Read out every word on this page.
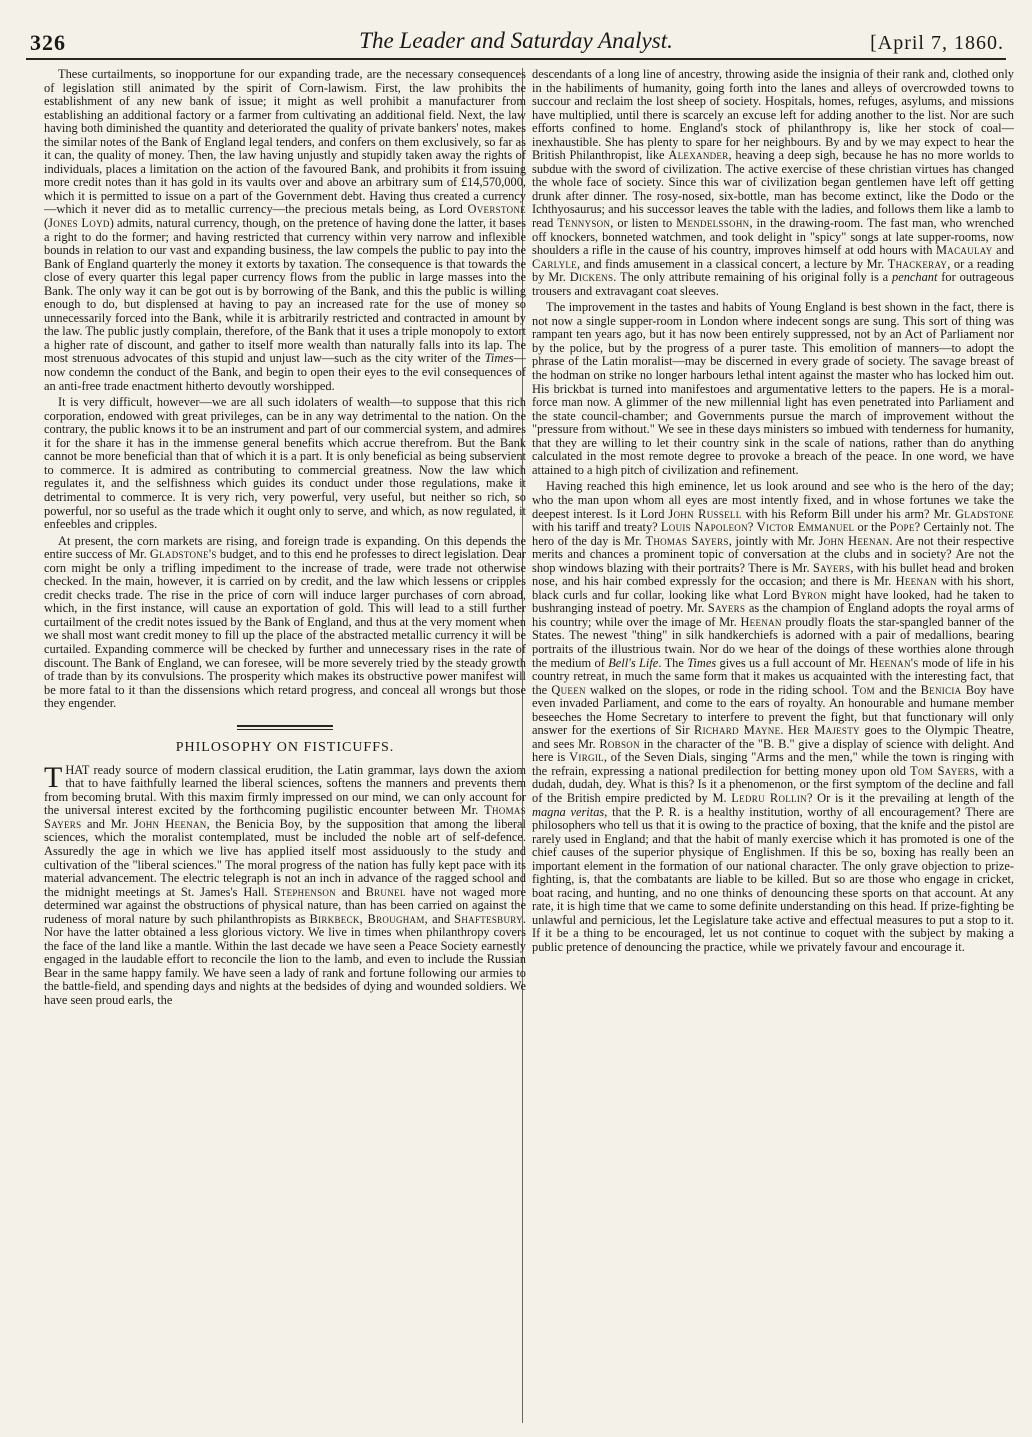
326	The Leader and Saturday Analyst.	[April 7, 1860.

These curtailments, so inopportune for our expanding trade, are the necessary consequences of legislation still animated by the spirit of Corn-lawism. First, the law prohibits the establishment of any new bank of issue; it might as well prohibit a manufacturer from establishing an additional factory or a farmer from cultivating an additional field. Next, the law having both diminished the quantity and deteriorated the quality of private bankers' notes, makes the similar notes of the Bank of England legal tenders, and confers on them exclusively, so far as it can, the quality of money. Then, the law having unjustly and stupidly taken away the rights of individuals, places a limitation on the action of the favoured Bank, and prohibits it from issuing more credit notes than it has gold in its vaults over and above an arbitrary sum of £14,570,000, which it is permitted to issue on a part of the Government debt. Having thus created a currency—which it never did as to metallic currency—the precious metals being, as Lord Overstone (Jones Loyd) admits, natural currency, though, on the pretence of having done the latter, it bases a right to do the former; and having restricted that currency within very narrow and inflexible bounds in relation to our vast and expanding business, the law compels the public to pay into the Bank of England quarterly the money it extorts by taxation. The consequence is that towards the close of every quarter this legal paper currency flows from the public in large masses into the Bank. The only way it can be got out is by borrowing of the Bank, and this the public is willing enough to do, but displensed at having to pay an increased rate for the use of money so unnecessarily forced into the Bank, while it is arbitrarily restricted and contracted in amount by the law. The public justly complain, therefore, of the Bank that it uses a triple monopoly to extort a higher rate of discount, and gather to itself more wealth than naturally falls into its lap. The most strenuous advocates of this stupid and unjust law—such as the city writer of the Times—now condemn the conduct of the Bank, and begin to open their eyes to the evil consequences of an anti-free trade enactment hitherto devoutly worshipped.

It is very difficult, however—we are all such idolaters of wealth—to suppose that this rich corporation, endowed with great privileges, can be in any way detrimental to the nation. On the contrary, the public knows it to be an instrument and part of our commercial system, and admires it for the share it has in the immense general benefits which accrue therefrom. But the Bank cannot be more beneficial than that of which it is a part. It is only beneficial as being subservient to commerce. It is admired as contributing to commercial greatness. Now the law which regulates it, and the selfishness which guides its conduct under those regulations, make it detrimental to commerce. It is very rich, very powerful, very useful, but neither so rich, so powerful, nor so useful as the trade which it ought only to serve, and which, as now regulated, it enfeebles and cripples.

At present, the corn markets are rising, and foreign trade is expanding. On this depends the entire success of Mr. Gladstone's budget, and to this end he professes to direct legislation. Dear corn might be only a trifling impediment to the increase of trade, were trade not otherwise checked. In the main, however, it is carried on by credit, and the law which lessens or cripples credit checks trade. The rise in the price of corn will induce larger purchases of corn abroad, which, in the first instance, will cause an exportation of gold. This will lead to a still further curtailment of the credit notes issued by the Bank of England, and thus at the very moment when we shall most want credit money to fill up the place of the abstracted metallic currency it will be curtailed. Expanding commerce will be checked by further and unnecessary rises in the rate of discount. The Bank of England, we can foresee, will be more severely tried by the steady growth of trade than by its convulsions. The prosperity which makes its obstructive power manifest will be more fatal to it than the dissensions which retard progress, and conceal all wrongs but those they engender.

PHILOSOPHY ON FISTICUFFS.

THAT ready source of modern classical erudition, the Latin grammar, lays down the axiom that to have faithfully learned the liberal sciences, softens the manners and prevents them from becoming brutal. With this maxim firmly impressed on our mind, we can only account for the universal interest excited by the forthcoming pugilistic encounter between Mr. Thomas Sayers and Mr. John Heenan, the Benicia Boy, by the supposition that among the liberal sciences, which the moralist contemplated, must be included the noble art of self-defence. Assuredly the age in which we live has applied itself most assiduously to the study and cultivation of the "liberal sciences." The moral progress of the nation has fully kept pace with its material advancement. The electric telegraph is not an inch in advance of the ragged school and the midnight meetings at St. James's Hall. Stephenson and Brunel have not waged more determined war against the obstructions of physical nature, than has been carried on against the rudeness of moral nature by such philanthropists as Birkbeck, Brougham, and Shaftesbury. Nor have the latter obtained a less glorious victory. We live in times when philanthropy covers the face of the land like a mantle. Within the last decade we have seen a Peace Society earnestly engaged in the laudable effort to reconcile the lion to the lamb, and even to include the Russian Bear in the same happy family. We have seen a lady of rank and fortune following our armies to the battle-field, and spending days and nights at the bedsides of dying and wounded soldiers. We have seen proud earls, the

descendants of a long line of ancestry, throwing aside the insignia of their rank and, clothed only in the habiliments of humanity, going forth into the lanes and alleys of overcrowded towns to succour and reclaim the lost sheep of society. Hospitals, homes, refuges, asylums, and missions have multiplied, until there is scarcely an excuse left for adding another to the list. Nor are such efforts confined to home. England's stock of philanthropy is, like her stock of coal—inexhaustible. She has plenty to spare for her neighbours. By and by we may expect to hear the British Philanthropist, like Alexander, heaving a deep sigh, because he has no more worlds to subdue with the sword of civilization. The active exercise of these christian virtues has changed the whole face of society. Since this war of civilization began gentlemen have left off getting drunk after dinner. The rosy-nosed, six-bottle, man has become extinct, like the Dodo or the Ichthyosaurus; and his successor leaves the table with the ladies, and follows them like a lamb to read Tennyson, or listen to Mendelssohn, in the drawing-room. The fast man, who wrenched off knockers, bonneted watchmen, and took delight in "spicy" songs at late supper-rooms, now shoulders a rifle in the cause of his country, improves himself at odd hours with Macaulay and Carlyle, and finds amusement in a classical concert, a lecture by Mr. Thackeray, or a reading by Mr. Dickens. The only attribute remaining of his original folly is a penchant for outrageous trousers and extravagant coat sleeves.

The improvement in the tastes and habits of Young England is best shown in the fact, there is not now a single supper-room in London where indecent songs are sung. This sort of thing was rampant ten years ago, but it has now been entirely suppressed, not by an Act of Parliament nor by the police, but by the progress of a purer taste. This emolition of manners—to adopt the phrase of the Latin moralist—may be discerned in every grade of society. The savage breast of the hodman on strike no longer harbours lethal intent against the master who has locked him out. His brickbat is turned into manifestoes and argumentative letters to the papers. He is a moral-force man now. A glimmer of the new millennial light has even penetrated into Parliament and the state council-chamber; and Governments pursue the march of improvement without the "pressure from without." We see in these days ministers so imbued with tenderness for humanity, that they are willing to let their country sink in the scale of nations, rather than do anything calculated in the most remote degree to provoke a breach of the peace. In one word, we have attained to a high pitch of civilization and refinement.

Having reached this high eminence, let us look around and see who is the hero of the day; who the man upon whom all eyes are most intently fixed, and in whose fortunes we take the deepest interest. Is it Lord John Russell with his Reform Bill under his arm? Mr. Gladstone with his tariff and treaty? Louis Napoleon? Victor Emmanuel or the Pope? Certainly not. The hero of the day is Mr. Thomas Sayers, jointly with Mr. John Heenan. Are not their respective merits and chances a prominent topic of conversation at the clubs and in society? Are not the shop windows blazing with their portraits? There is Mr. Sayers, with his bullet head and broken nose, and his hair combed expressly for the occasion; and there is Mr. Heenan with his short, black curls and fur collar, looking like what Lord Byron might have looked, had he taken to bushranging instead of poetry. Mr. Sayers as the champion of England adopts the royal arms of his country; while over the image of Mr. Heenan proudly floats the star-spangled banner of the States. The newest "thing" in silk handkerchiefs is adorned with a pair of medallions, bearing portraits of the illustrious twain. Nor do we hear of the doings of these worthies alone through the medium of Bell's Life. The Times gives us a full account of Mr. Heenan's mode of life in his country retreat, in much the same form that it makes us acquainted with the interesting fact, that the Queen walked on the slopes, or rode in the riding school. Tom and the Benicia Boy have even invaded Parliament, and come to the ears of royalty. An honourable and humane member beseeches the Home Secretary to interfere to prevent the fight, but that functionary will only answer for the exertions of Sir Richard Mayne. Her Majesty goes to the Olympic Theatre, and sees Mr. Robson in the character of the "B. B." give a display of science with delight. And here is Virgil, of the Seven Dials, singing "Arms and the men," while the town is ringing with the refrain, expressing a national predilection for betting money upon old Tom Sayers, with a dudah, dudah, dey. What is this? Is it a phenomenon, or the first symptom of the decline and fall of the British empire predicted by M. Ledru Rollin? Or is it the prevailing at length of the magna veritas, that the P. R. is a healthy institution, worthy of all encouragement? There are philosophers who tell us that it is owing to the practice of boxing, that the knife and the pistol are rarely used in England; and that the habit of manly exercise which it has promoted is one of the chief causes of the superior physique of Englishmen. If this be so, boxing has really been an important element in the formation of our national character. The only grave objection to prize-fighting, is, that the combatants are liable to be killed. But so are those who engage in cricket, boat racing, and hunting, and no one thinks of denouncing these sports on that account. At any rate, it is high time that we came to some definite understanding on this head. If prize-fighting be unlawful and pernicious, let the Legislature take active and effectual measures to put a stop to it. If it be a thing to be encouraged, let us not continue to coquet with the subject by making a public pretence of denouncing the practice, while we privately favour and encourage it.
